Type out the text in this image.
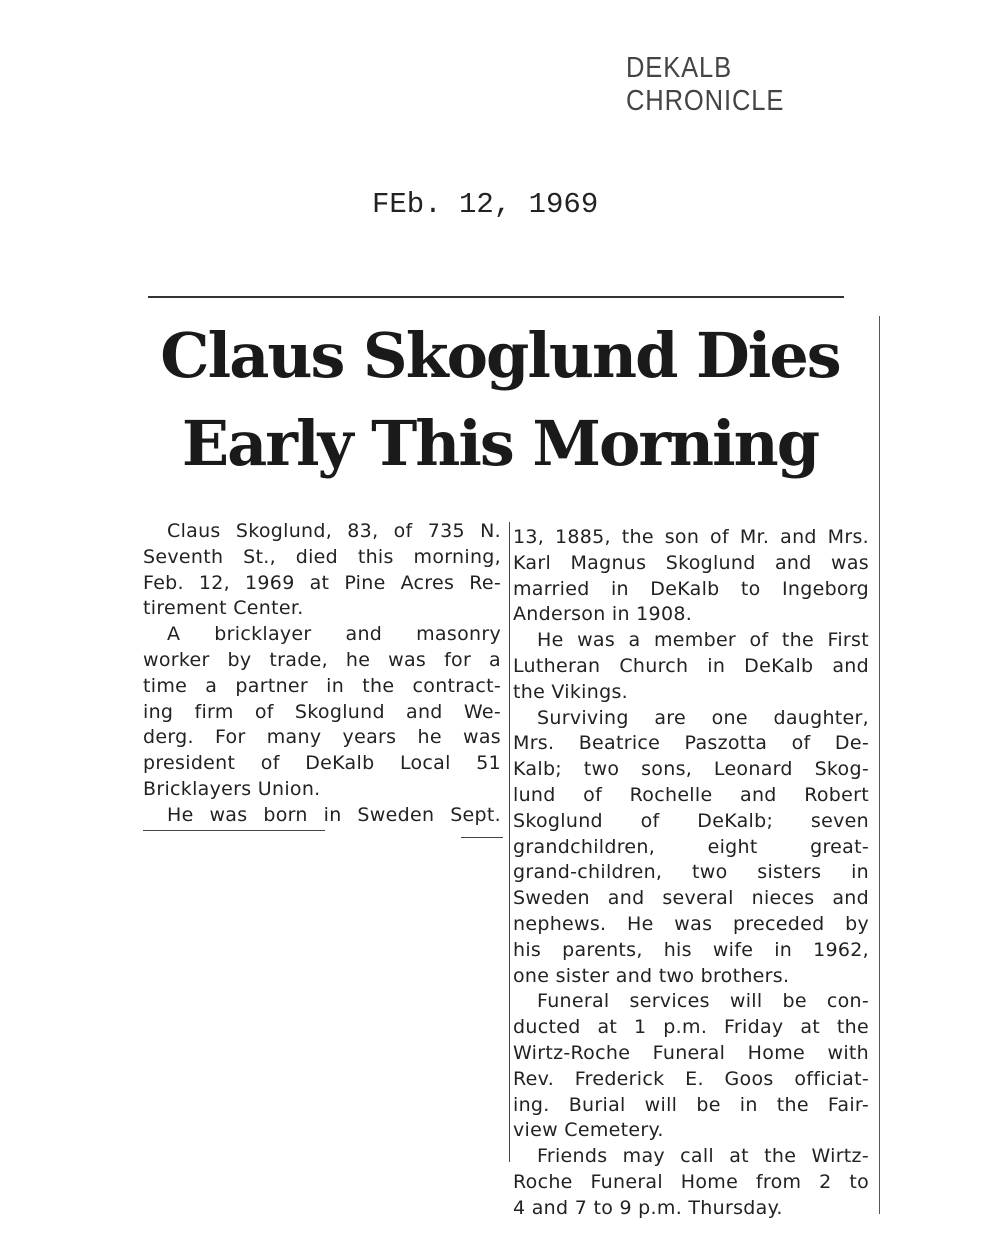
DEKALB CHRONICLE
FEb. 12, 1969
Claus Skoglund Dies
Early This Morning

Claus Skoglund, 83, of 735 N.

Seventh St., died this morning,

Feb. 12, 1969 at Pine Acres Re-

tirement Center.

A bricklayer and masonry

worker by trade, he was for a

time a partner in the contract-

ing firm of Skoglund and We-

derg. For many years he was

president of DeKalb Local 51

Bricklayers Union.

He was born in Sweden Sept.

13, 1885, the son of Mr. and Mrs.

Karl Magnus Skoglund and was

married in DeKalb to Ingeborg

Anderson in 1908.

He was a member of the First

Lutheran Church in DeKalb and

the Vikings.

Surviving are one daughter,

Mrs. Beatrice Paszotta of De-

Kalb; two sons, Leonard Skog-

lund of Rochelle and Robert

Skoglund of DeKalb; seven

grandchildren, eight great-

grand-children, two sisters in

Sweden and several nieces and

nephews. He was preceded by

his parents, his wife in 1962,

one sister and two brothers.

Funeral services will be con-

ducted at 1 p.m. Friday at the

Wirtz-Roche Funeral Home with

Rev. Frederick E. Goos officiat-

ing. Burial will be in the Fair-

view Cemetery.

Friends may call at the Wirtz-

Roche Funeral Home from 2 to

4 and 7 to 9 p.m. Thursday.
